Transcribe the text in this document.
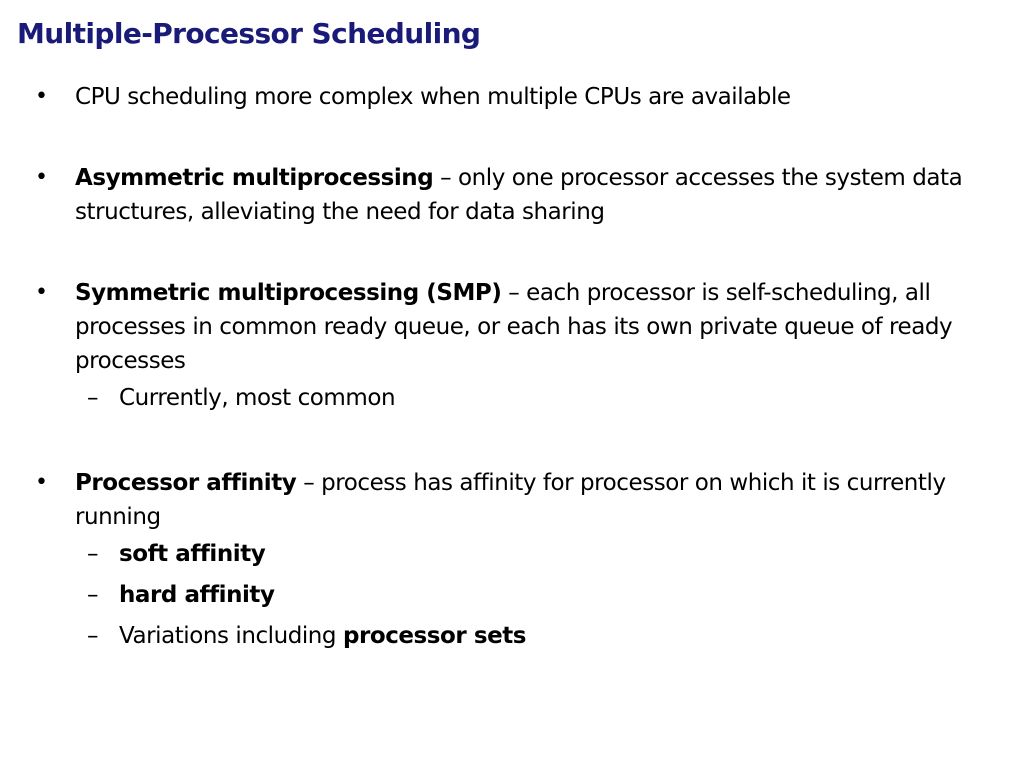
Multiple-Processor Scheduling
• CPU scheduling more complex when multiple CPUs are available
• Asymmetric multiprocessing – only one processor accesses the system data structures, alleviating the need for data sharing
• Symmetric multiprocessing (SMP) – each processor is self-scheduling, all processes in common ready queue, or each has its own private queue of ready processes
– Currently, most common
• Processor affinity – process has affinity for processor on which it is currently running
– soft affinity
– hard affinity
– Variations including processor sets
